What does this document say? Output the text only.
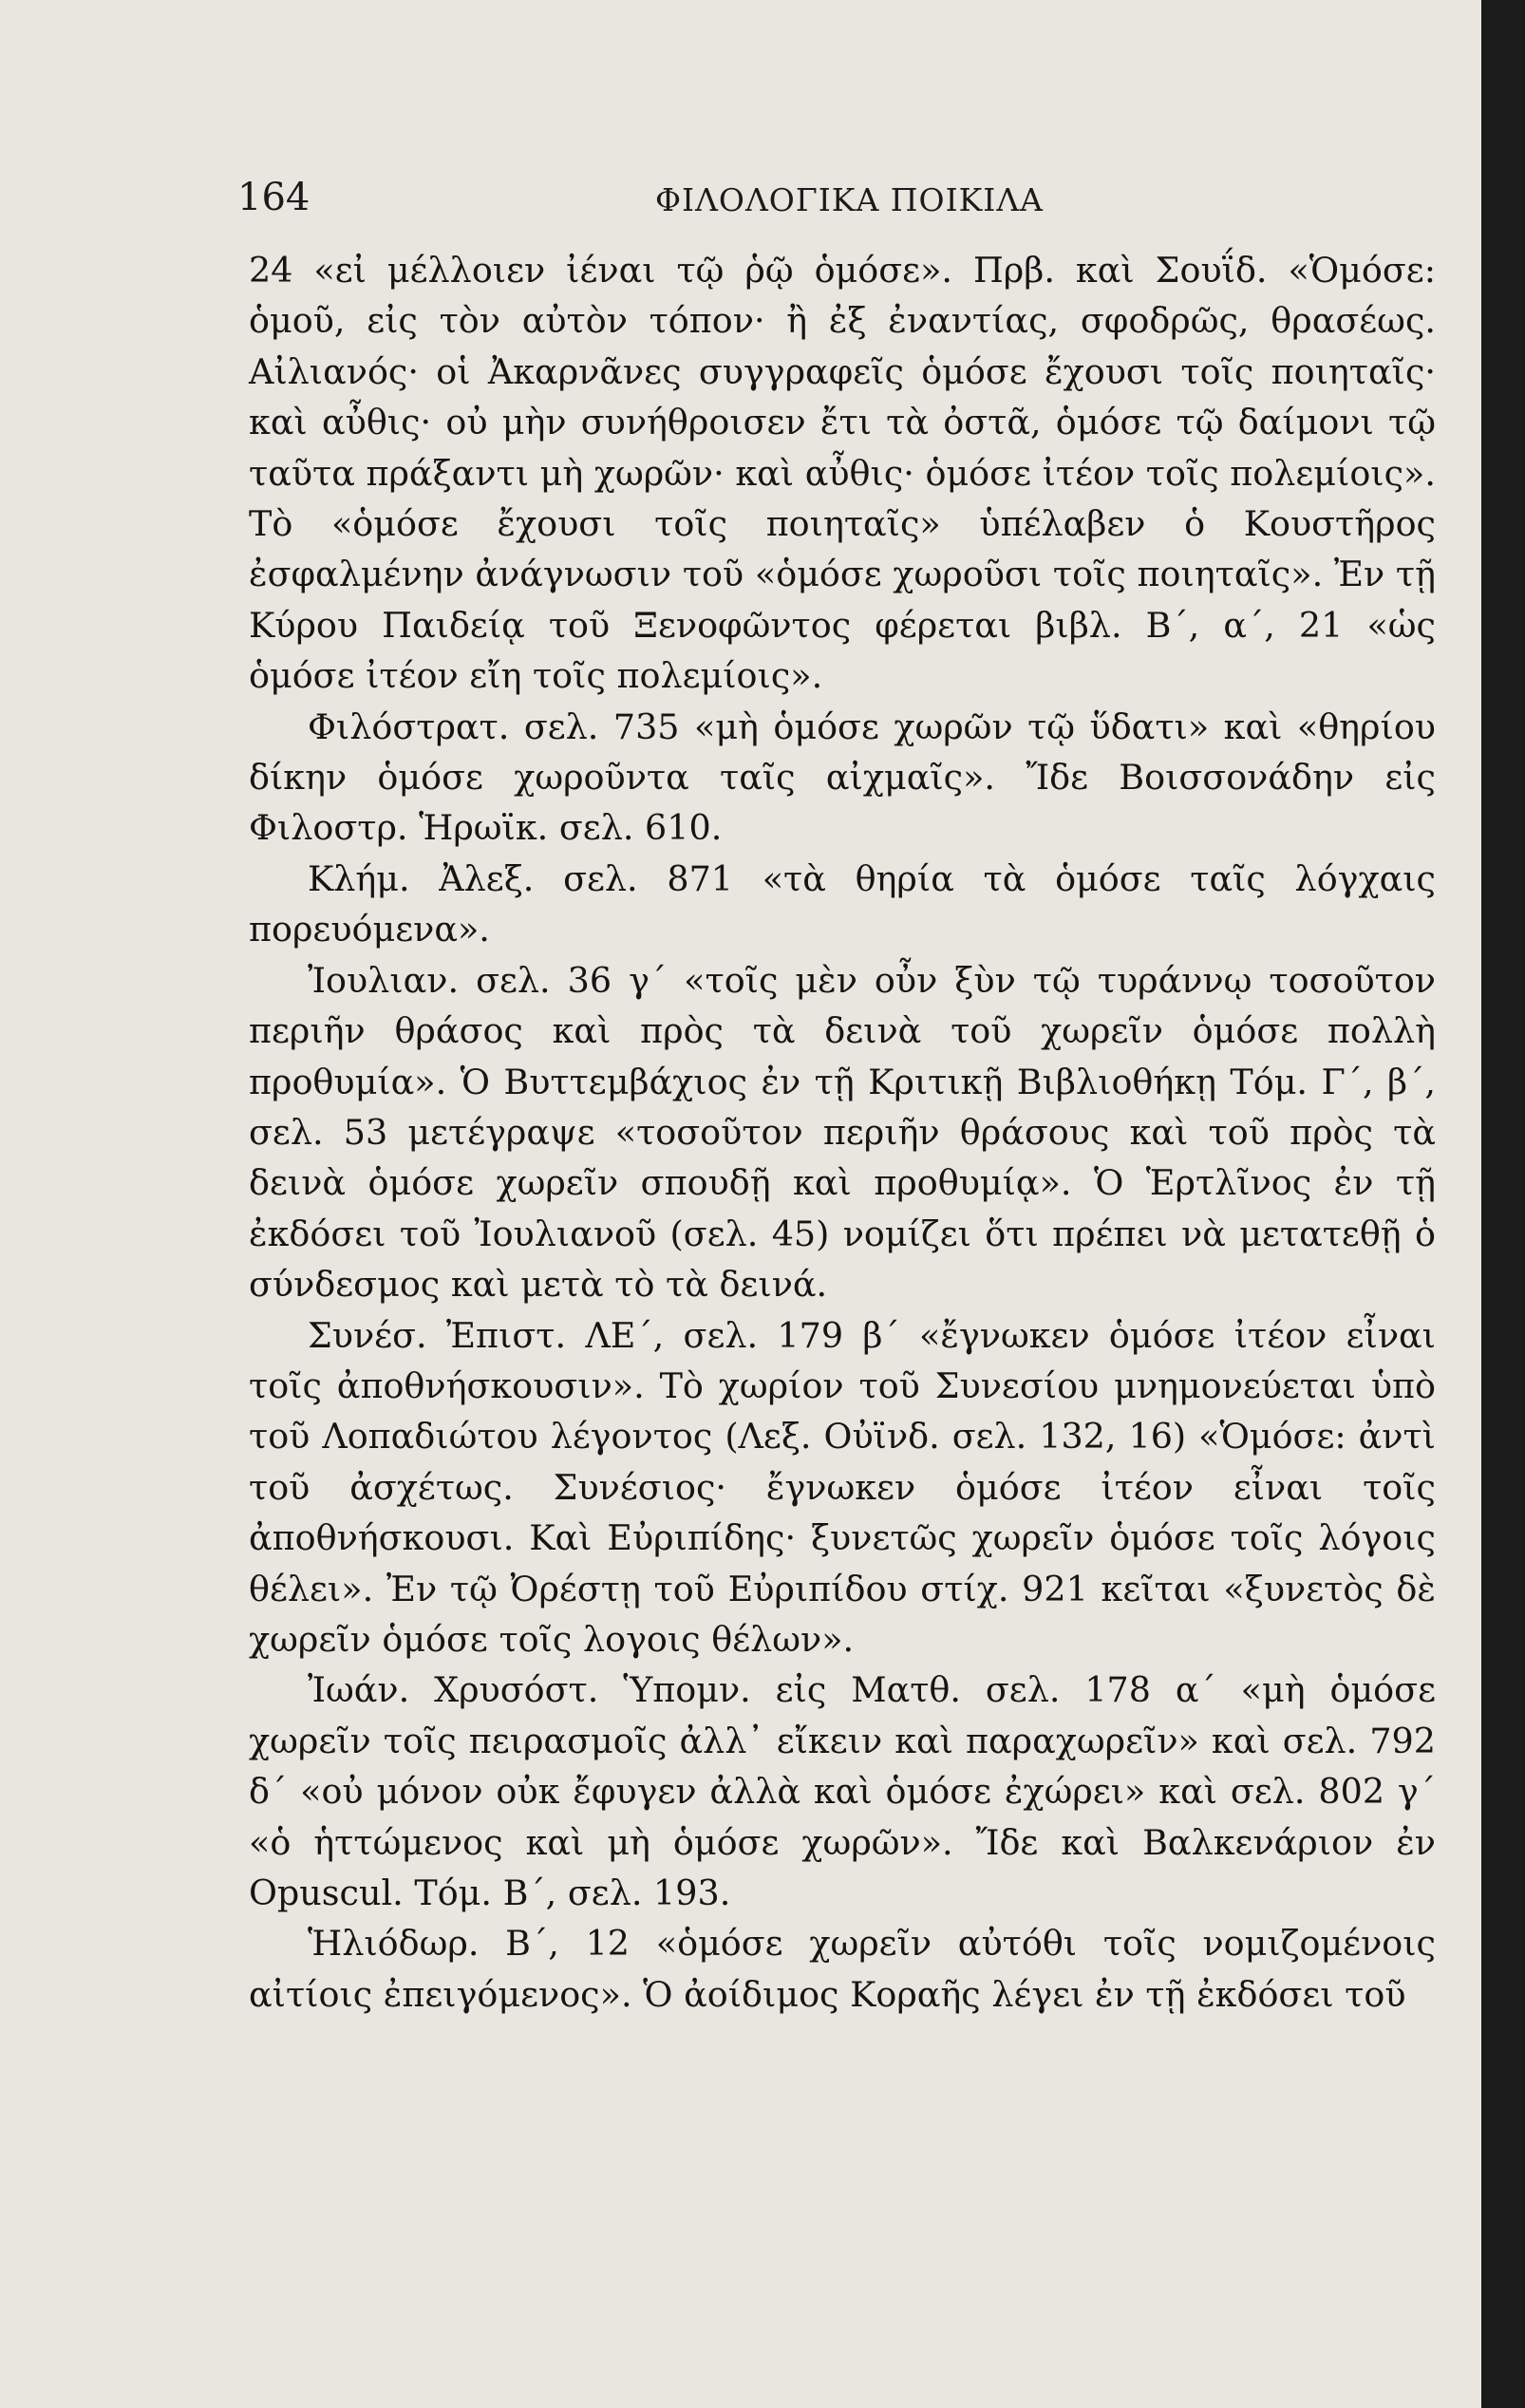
164	ΦΙΛΟΛΟΓΙΚΑ ΠΟΙΚΙΛΑ

24 «εἰ μέλλοιεν ἰέναι τῷ ῥῷ ὁμόσε». Πρβ. καὶ Σουΐδ. «Ὁμόσε: ὁμοῦ, εἰς τὸν αὐτὸν τόπον· ἢ ἐξ ἐναντίας, σφοδρῶς, θρασέως. Αἰλιανός· οἱ Ἀκαρνᾶνες συγγραφεῖς ὁμόσε ἔχουσι τοῖς ποιηταῖς· καὶ αὖθις· οὐ μὴν συνήθροισεν ἔτι τὰ ὀστᾶ, ὁμόσε τῷ δαίμονι τῷ ταῦτα πράξαντι μὴ χωρῶν· καὶ αὖθις· ὁμόσε ἰτέον τοῖς πολεμίοις». Τὸ «ὁμόσε ἔχουσι τοῖς ποιηταῖς» ὑπέλαβεν ὁ Κουστῆρος ἐσφαλμένην ἀνάγνωσιν τοῦ «ὁμόσε χωροῦσι τοῖς ποιηταῖς». Ἐν τῇ Κύρου Παιδείᾳ τοῦ Ξενοφῶντος φέρεται βιβλ. Β΄, α΄, 21 «ὡς ὁμόσε ἰτέον εἴη τοῖς πολεμίοις».

Φιλόστρατ. σελ. 735 «μὴ ὁμόσε χωρῶν τῷ ὕδατι» καὶ «θηρίου δίκην ὁμόσε χωροῦντα ταῖς αἰχμαῖς». Ἴδε Βοισσονάδην εἰς Φιλοστρ. Ἡρωϊκ. σελ. 610.

Κλήμ. Ἀλεξ. σελ. 871 «τὰ θηρία τὰ ὁμόσε ταῖς λόγχαις πορευόμενα».

Ἰουλιαν. σελ. 36 γ΄ «τοῖς μὲν οὖν ξὺν τῷ τυράννῳ τοσοῦτον περιῆν θράσος καὶ πρὸς τὰ δεινὰ τοῦ χωρεῖν ὁμόσε πολλὴ προθυμία». Ὁ Βυττεμβάχιος ἐν τῇ Κριτικῇ Βιβλιοθήκῃ Τόμ. Γ΄, β΄, σελ. 53 μετέγραψε «τοσοῦτον περιῆν θράσους καὶ τοῦ πρὸς τὰ δεινὰ ὁμόσε χωρεῖν σπουδῇ καὶ προθυμίᾳ». Ὁ Ἑρτλῖνος ἐν τῇ ἐκδόσει τοῦ Ἰουλιανοῦ (σελ. 45) νομίζει ὅτι πρέπει νὰ μετατεθῇ ὁ σύνδεσμος καὶ μετὰ τὸ τὰ δεινά.

Συνέσ. Ἐπιστ. ΛΕ΄, σελ. 179 β΄ «ἔγνωκεν ὁμόσε ἰτέον εἶναι τοῖς ἀποθνήσκουσιν». Τὸ χωρίον τοῦ Συνεσίου μνημονεύεται ὑπὸ τοῦ Λοπαδιώτου λέγοντος (Λεξ. Οὐϊνδ. σελ. 132, 16) «Ὁμόσε: ἀντὶ τοῦ ἀσχέτως. Συνέσιος· ἔγνωκεν ὁμόσε ἰτέον εἶναι τοῖς ἀποθνήσκουσι. Καὶ Εὐριπίδης· ξυνετῶς χωρεῖν ὁμόσε τοῖς λόγοις θέλει». Ἐν τῷ Ὀρέστῃ τοῦ Εὐριπίδου στίχ. 921 κεῖται «ξυνετὸς δὲ χωρεῖν ὁμόσε τοῖς λογοις θέλων».

Ἰωάν. Χρυσόστ. Ὑπομν. εἰς Ματθ. σελ. 178 α΄ «μὴ ὁμόσε χωρεῖν τοῖς πειρασμοῖς ἀλλ᾽ εἴκειν καὶ παραχωρεῖν» καὶ σελ. 792 δ΄ «οὐ μόνον οὐκ ἔφυγεν ἀλλὰ καὶ ὁμόσε ἐχώρει» καὶ σελ. 802 γ΄ «ὁ ἡττώμενος καὶ μὴ ὁμόσε χωρῶν». Ἴδε καὶ Βαλκενάριον ἐν Opuscul. Τόμ. Β΄, σελ. 193.

Ἡλιόδωρ. Β΄, 12 «ὁμόσε χωρεῖν αὐτόθι τοῖς νομιζομένοις αἰτίοις ἐπειγόμενος». Ὁ ἀοίδιμος Κοραῆς λέγει ἐν τῇ ἐκδόσει τοῦ
